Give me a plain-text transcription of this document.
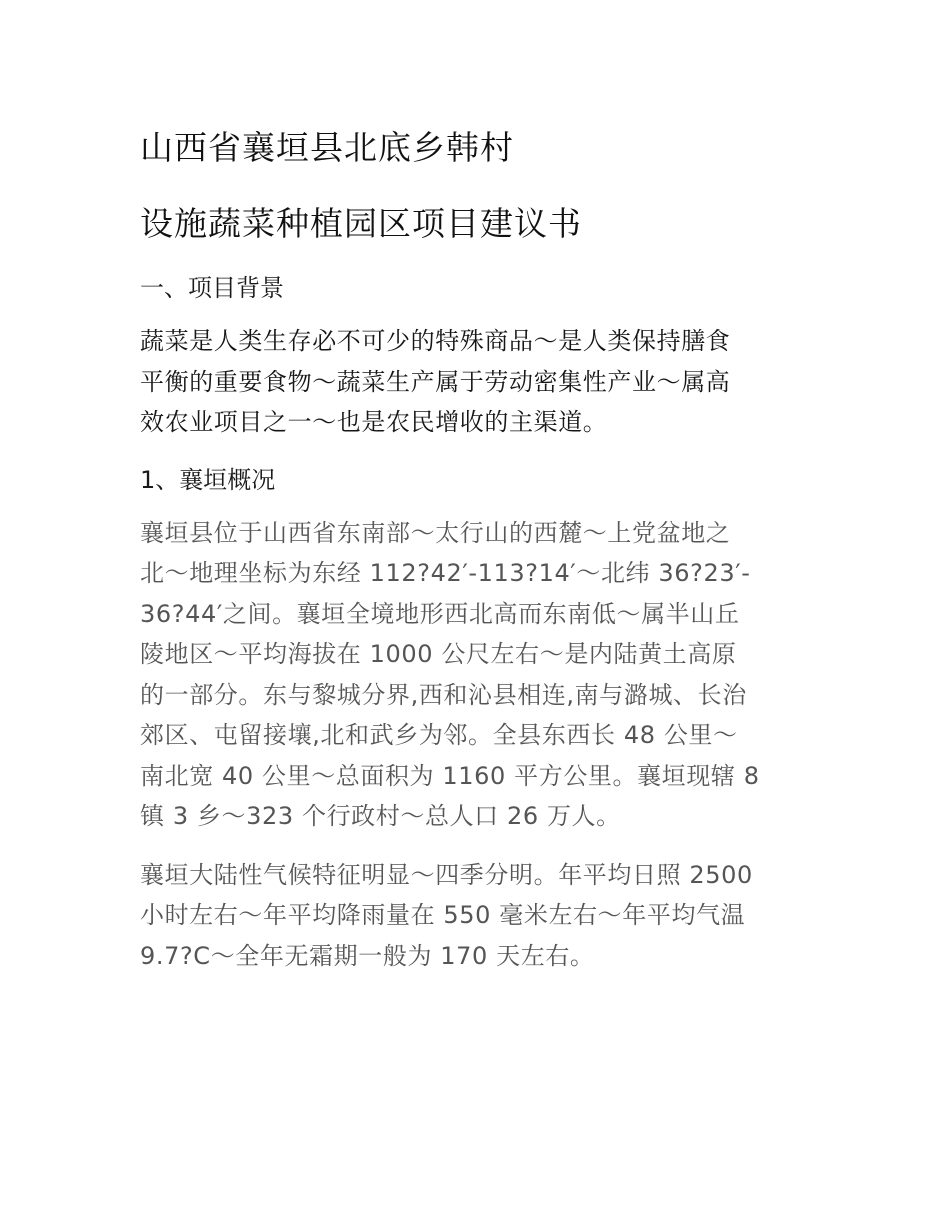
山西省襄垣县北底乡韩村
设施蔬菜种植园区项目建议书
一、项目背景

蔬菜是人类生存必不可少的特殊商品～是人类保持膳食
平衡的重要食物～蔬菜生产属于劳动密集性产业～属高
效农业项目之一～也是农民增收的主渠道。

1、襄垣概况

襄垣县位于山西省东南部～太行山的西麓～上党盆地之
北～地理坐标为东经 112?42′-113?14′～北纬 36?23′-
36?44′之间。襄垣全境地形西北高而东南低～属半山丘
陵地区～平均海拔在 1000 公尺左右～是内陆黄土高原
的一部分。东与黎城分界,西和沁县相连,南与潞城、长治
郊区、屯留接壤,北和武乡为邻。全县东西长 48 公里～
南北宽 40 公里～总面积为 1160 平方公里。襄垣现辖 8
镇 3 乡～323 个行政村～总人口 26 万人。

襄垣大陆性气候特征明显～四季分明。年平均日照 2500
小时左右～年平均降雨量在 550 毫米左右～年平均气温
9.7?C～全年无霜期一般为 170 天左右。
